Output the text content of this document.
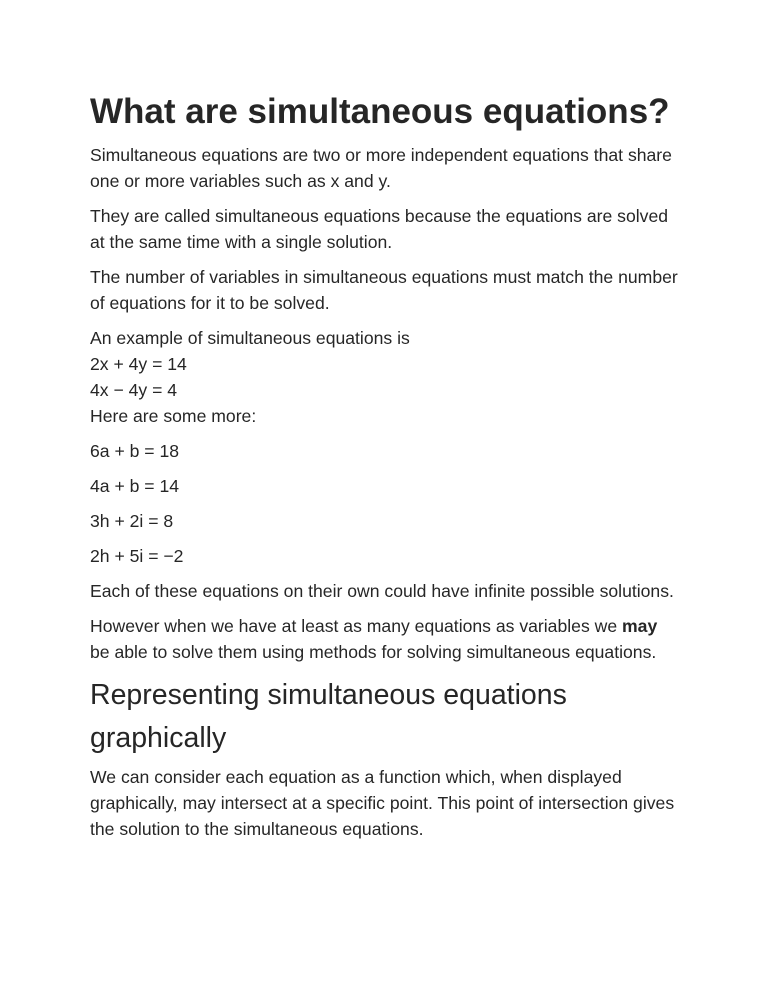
What are simultaneous equations?

Simultaneous equations are two or more independent equations that share one or more variables such as x and y.

They are called simultaneous equations because the equations are solved at the same time with a single solution.

The number of variables in simultaneous equations must match the number of equations for it to be solved.

An example of simultaneous equations is
2x + 4y = 14
4x − 4y = 4
Here are some more:

6a + b = 18

4a + b = 14

3h + 2i = 8

2h + 5i = −2

Each of these equations on their own could have infinite possible solutions.

However when we have at least as many equations as variables we may be able to solve them using methods for solving simultaneous equations.

Representing simultaneous equations graphically

We can consider each equation as a function which, when displayed graphically, may intersect at a specific point. This point of intersection gives the solution to the simultaneous equations.
